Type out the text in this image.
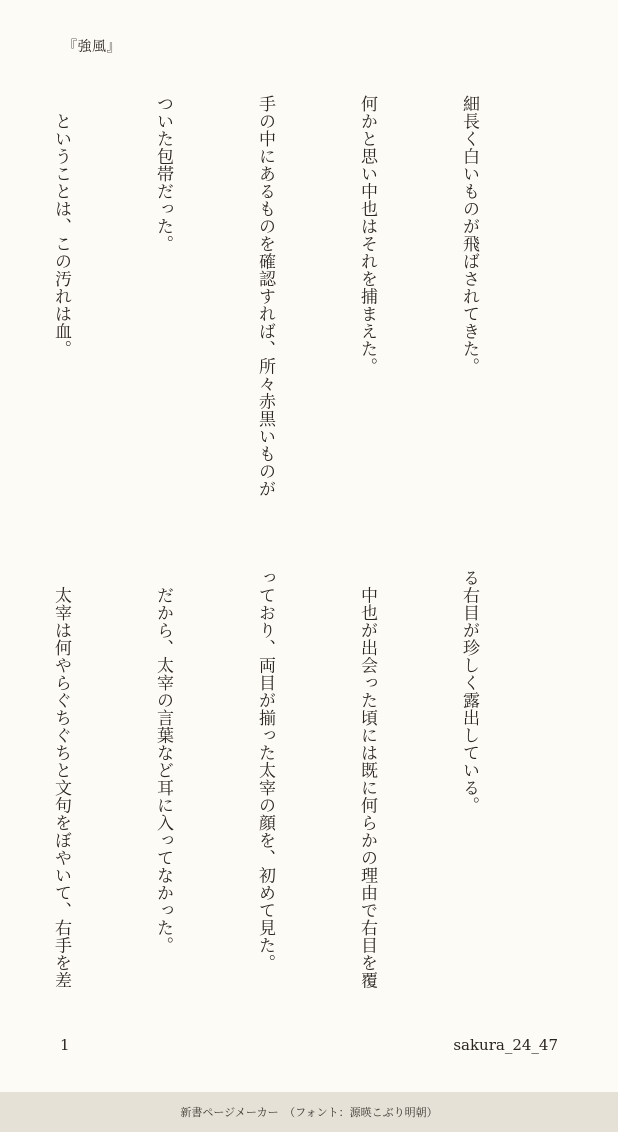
『強風』

細長く白いものが飛ばされてきた。

何かと思い中也はそれを捕まえた。

手の中にあるものを確認すれば、所々赤黒いものが

ついた包帯だった。

　ということは、この汚れは血。

る右目が珍しく露出している。

　中也が出会った頃には既に何らかの理由で右目を覆

っており、両目が揃った太宰の顔を、初めて見た。

　だから、太宰の言葉など耳に入ってなかった。

　太宰は何やらぐちぐちと文句をぼやいて、右手を差

1	sakura_24_47
新書ページメーカー　（フォント：源暎こぶり明朝）
